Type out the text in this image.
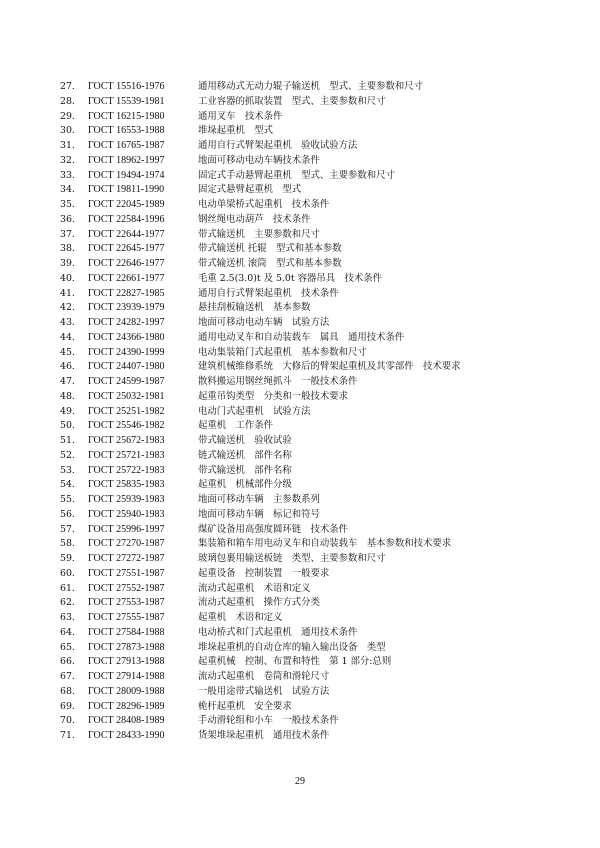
27.	ГОСТ 15516-1976	通用移动式无动力辊子输送机　型式、主要参数和尺寸
28.	ГОСТ 15539-1981	工业容器的抓取装置　型式、主要参数和尺寸
29.	ГОСТ 16215-1980	通用叉车　技术条件
30.	ГОСТ 16553-1988	堆垛起重机　型式
31.	ГОСТ 16765-1987	通用自行式臂架起重机　验收试验方法
32.	ГОСТ 18962-1997	地面可移动电动车辆技术条件
33.	ГОСТ 19494-1974	固定式手动悬臂起重机　型式、主要参数和尺寸
34.	ГОСТ 19811-1990	固定式悬臂起重机　型式
35.	ГОСТ 22045-1989	电动单梁桥式起重机　技术条件
36.	ГОСТ 22584-1996	钢丝绳电动葫芦　技术条件
37.	ГОСТ 22644-1977	带式输送机　主要参数和尺寸
38.	ГОСТ 22645-1977	带式输送机 托辊　型式和基本参数
39.	ГОСТ 22646-1977	带式输送机 滚筒　型式和基本参数
40.	ГОСТ 22661-1977	毛重 2.5(3.0)t 及 5.0t 容器吊具　技术条件
41.	ГОСТ 22827-1985	通用自行式臂架起重机　技术条件
42.	ГОСТ 23939-1979	悬挂刮板输送机　基本参数
43.	ГОСТ 24282-1997	地面可移动电动车辆　试验方法
44.	ГОСТ 24366-1980	通用电动叉车和自动装载车　属具　通用技术条件
45.	ГОСТ 24390-1999	电动集装箱门式起重机　基本参数和尺寸
46.	ГОСТ 24407-1980	建筑机械维修系统　大修后的臂架起重机及其零部件　技术要求
47.	ГОСТ 24599-1987	散料搬运用钢丝绳抓斗　一般技术条件
48.	ГОСТ 25032-1981	起重吊钩类型　分类和一般技术要求
49.	ГОСТ 25251-1982	电动门式起重机　试验方法
50.	ГОСТ 25546-1982	起重机　工作条件
51.	ГОСТ 25672-1983	带式输送机　验收试验
52.	ГОСТ 25721-1983	链式输送机　部件名称
53.	ГОСТ 25722-1983	带式输送机　部件名称
54.	ГОСТ 25835-1983	起重机　机械部件分级
55.	ГОСТ 25939-1983	地面可移动车辆　主参数系列
56.	ГОСТ 25940-1983	地面可移动车辆　标记和符号
57.	ГОСТ 25996-1997	煤矿设备用高强度圆环链　技术条件
58.	ГОСТ 27270-1987	集装箱和箱车用电动叉车和自动装载车　基本参数和技术要求
59.	ГОСТ 27272-1987	玻璃包裹用输送板链　类型、主要参数和尺寸
60.	ГОСТ 27551-1987	起重设备　控制装置　一般要求
61.	ГОСТ 27552-1987	流动式起重机　术语和定义
62.	ГОСТ 27553-1987	流动式起重机　操作方式分类
63.	ГОСТ 27555-1987	起重机　术语和定义
64.	ГОСТ 27584-1988	电动桥式和门式起重机　通用技术条件
65.	ГОСТ 27873-1988	堆垛起重机的自动仓库的输入输出设备　类型
66.	ГОСТ 27913-1988	起重机械　控制、布置和特性　第 1 部分:总则
67.	ГОСТ 27914-1988	流动式起重机　卷筒和滑轮尺寸
68.	ГОСТ 28009-1988	一般用途带式输送机　试验方法
69.	ГОСТ 28296-1989	桅杆起重机　安全要求
70.	ГОСТ 28408-1989	手动滑轮组和小车　一般技术条件
71.	ГОСТ 28433-1990	货架堆垛起重机　通用技术条件
29
